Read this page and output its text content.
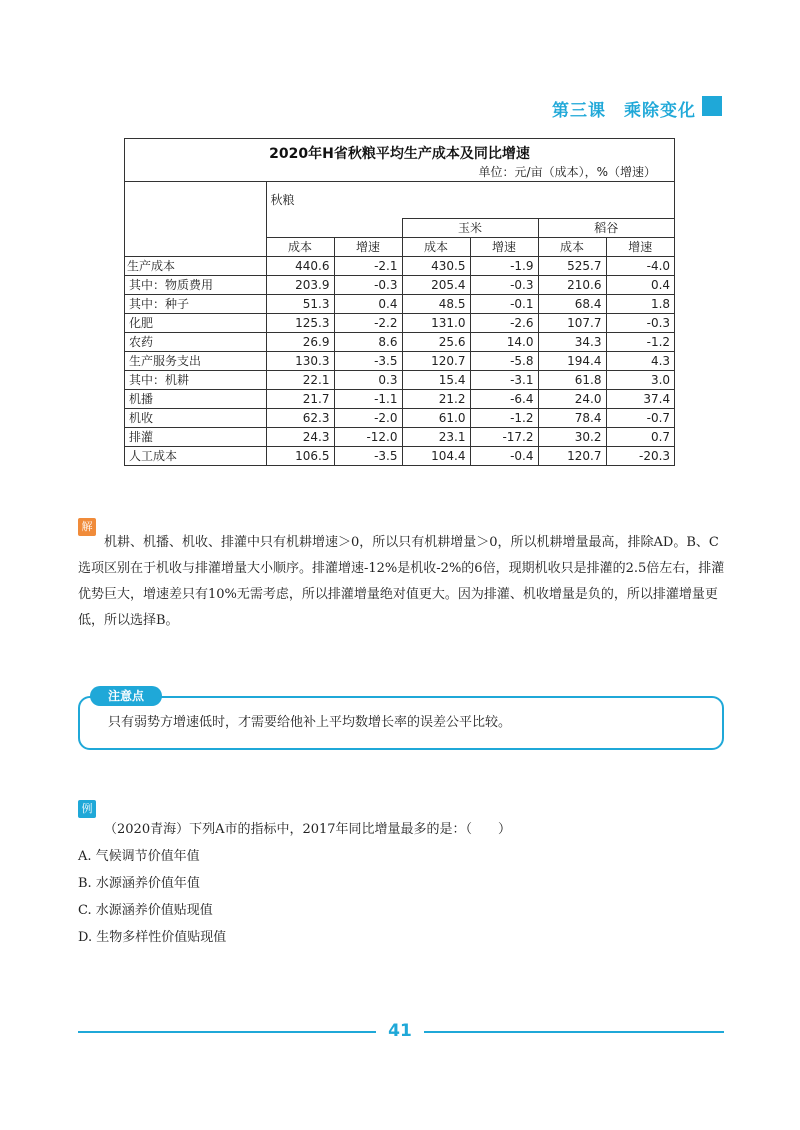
第三课　乘除变化
2020年H省秋粮平均生产成本及同比增速
单位：元/亩（成本），%（增速）
	秋粮					
			玉米		稻谷	
	成本	增速	成本	增速	成本	增速
生产成本	440.6	-2.1	430.5	-1.9	525.7	-4.0
其中：物质费用	203.9	-0.3	205.4	-0.3	210.6	0.4
其中：种子	51.3	0.4	48.5	-0.1	68.4	1.8
化肥	125.3	-2.2	131.0	-2.6	107.7	-0.3
农药	26.9	8.6	25.6	14.0	34.3	-1.2
生产服务支出	130.3	-3.5	120.7	-5.8	194.4	4.3
其中：机耕	22.1	0.3	15.4	-3.1	61.8	3.0
机播	21.7	-1.1	21.2	-6.4	24.0	37.4
机收	62.3	-2.0	61.0	-1.2	78.4	-0.7
排灌	24.3	-12.0	23.1	-17.2	30.2	0.7
人工成本	106.5	-3.5	104.4	-0.4	120.7	-20.3
解

机耕、机播、机收、排灌中只有机耕增速＞0，所以只有机耕增量＞0，所以机耕增量最高，排除AD。B、C选项区别在于机收与排灌增量大小顺序。排灌增速-12%是机收-2%的6倍，现期机收只是排灌的2.5倍左右，排灌优势巨大，增速差只有10%无需考虑，所以排灌增量绝对值更大。因为排灌、机收增量是负的，所以排灌增量更低，所以选择B。

注意点
只有弱势方增速低时，才需要给他补上平均数增长率的误差公平比较。
例
（2020青海）下列A市的指标中，2017年同比增量最多的是：（　　）
A. 气候调节价值年值
B. 水源涵养价值年值
C. 水源涵养价值贴现值
D. 生物多样性价值贴现值
41
